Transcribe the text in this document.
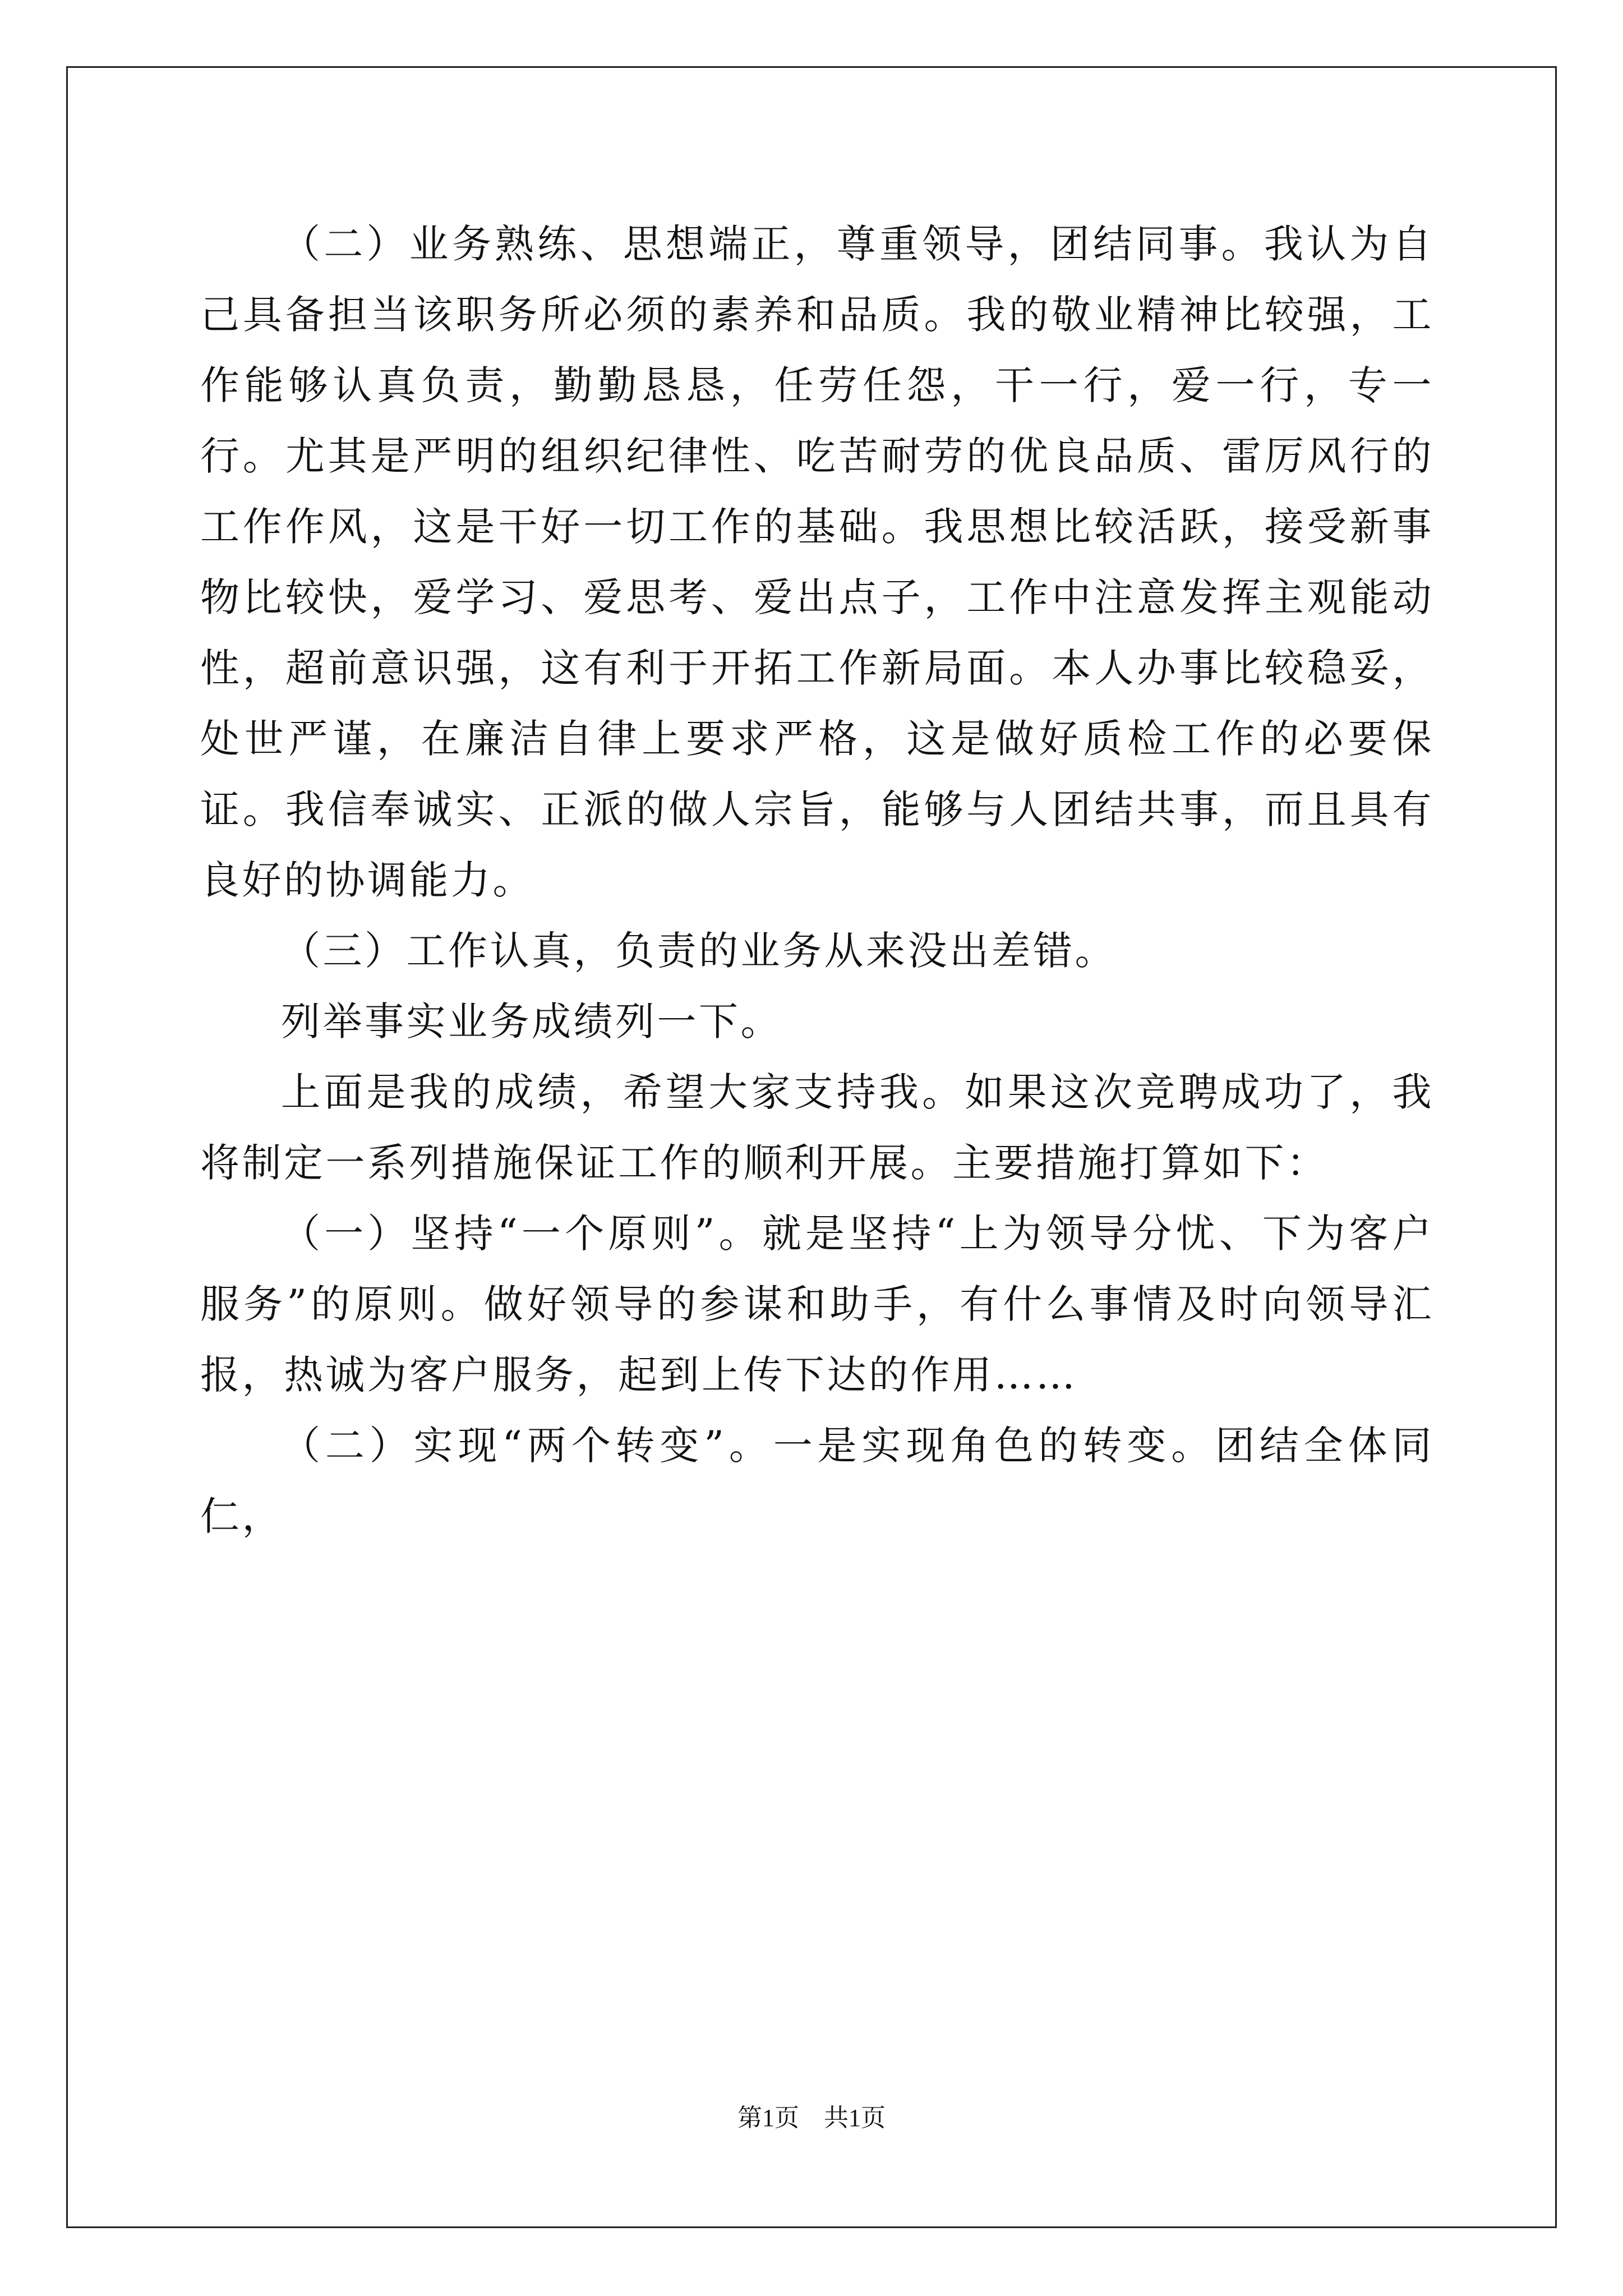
（二）业务熟练、思想端正，尊重领导，团结同事。我认为自己具备担当该职务所必须的素养和品质。我的敬业精神比较强，工作能够认真负责，勤勤恳恳，任劳任怨，干一行，爱一行，专一行。尤其是严明的组织纪律性、吃苦耐劳的优良品质、雷厉风行的工作作风，这是干好一切工作的基础。我思想比较活跃，接受新事物比较快，爱学习、爱思考、爱出点子，工作中注意发挥主观能动性，超前意识强，这有利于开拓工作新局面。本人办事比较稳妥，处世严谨，在廉洁自律上要求严格，这是做好质检工作的必要保证。我信奉诚实、正派的做人宗旨，能够与人团结共事，而且具有良好的协调能力。

（三）工作认真，负责的业务从来没出差错。

列举事实业务成绩列一下。

上面是我的成绩，希望大家支持我。如果这次竞聘成功了，我将制定一系列措施保证工作的顺利开展。主要措施打算如下：

（一）坚持“一个原则”。就是坚持“上为领导分忧、下为客户服务”的原则。做好领导的参谋和助手，有什么事情及时向领导汇报，热诚为客户服务，起到上传下达的作用……

（二）实现“两个转变”。一是实现角色的转变。团结全体同仁，

第1页　共1页
